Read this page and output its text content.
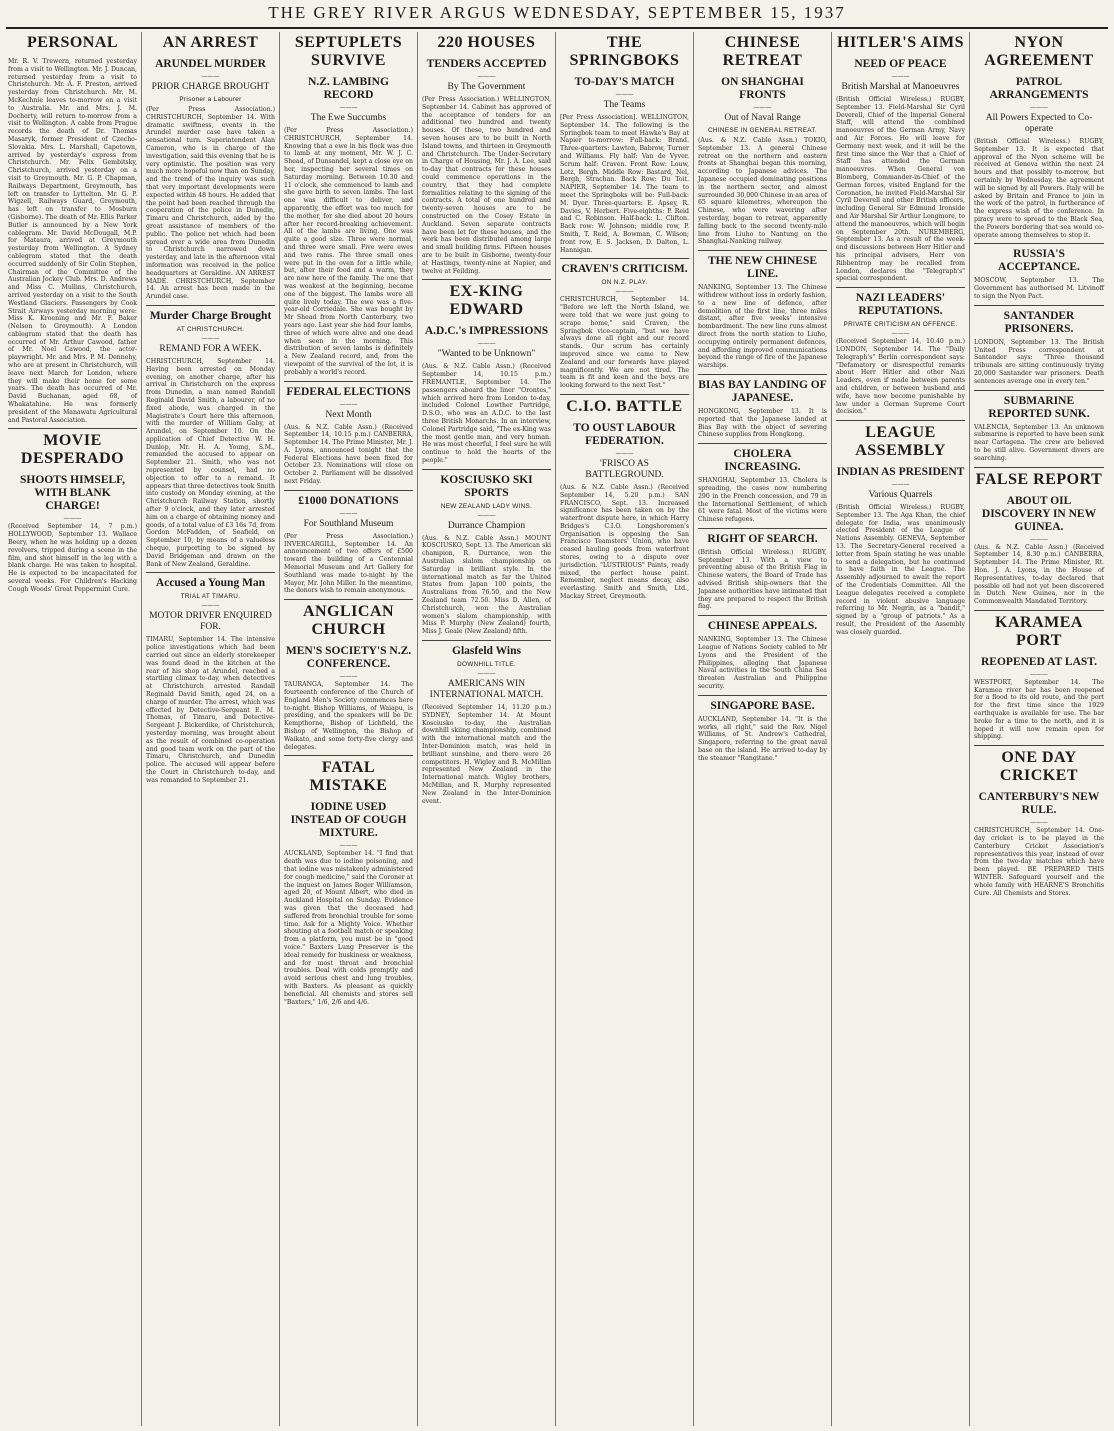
THE GREY RIVER ARGUS WEDNESDAY, SEPTEMBER 15, 1937
PERSONAL

Mr. R. V. Trewern, returned yesterday from a visit to Wellington. Mr. J. Duncan, returned yesterday from a visit to Christchurch. Mr. A. F. Preston, arrived yesterday from Christchurch. Mr. M. McKechnie leaves to-morrow on a visit to Australia. Mr. and Mrs. J. M. Docherty, will return to-morrow from a visit to Wellington. A cable from Prague records the death of Dr. Thomas Masaryk, former President of Czecho-Slovakia. Mrs. L. Marshall, Capetown, arrived by yesterday's express from Christchurch. Mr. Felix Gembitsky, Christchurch, arrived yesterday on a visit to Greymouth. Mr. G. P. Chapman, Railways Department, Greymouth, has left on transfer to Lyttelton. Mr. G. P. Wigzell, Railways Guard, Greymouth, has left on transfer to Mosburn (Gisborne). The death of Mr. Ellis Parker Butler is announced by a New York cablegram. Mr. David McDougall, M.P. for Mataura, arrived at Greymouth yesterday from Wellington. A Sydney cablegram stated that the death occurred suddenly of Sir Colin Stephen, Chairman of the Committee of the Australian Jockey Club. Mrs. D. Andrews and Miss C. Mullins, Christchurch, arrived yesterday on a visit to the South Westland Glaciers. Passengers by Cook Strait Airways yesterday morning were: Miss K. Kroening and Mr. F. Baker (Nelson to Greymouth). A London cablegram stated that the death has occurred of Mr. Arthur Cawood, father of Mr. Noel Cawood, the actor-playwright. Mr. and Mrs. P. M. Dennehy, who are at present in Christchurch, will leave next March for London, where they will make their home for some years. The death has occurred of Mr. David Buchanan, aged 68, of Whakatahine. He was formerly president of the Manawatu Agricultural and Pastoral Association.

MOVIE DESPERADO
SHOOTS HIMSELF, WITH BLANK CHARGE!
———

(Received September 14, 7 p.m.) HOLLYWOOD, September 13. Wallace Beery, when he was holding up a dozen revolvers, tripped during a scene in the film, and shot himself in the leg with a blank charge. He was taken to hospital. He is expected to be incapacitated for several weeks. For Children's Hacking Cough Woods' Great Peppermint Cure.

AN ARREST
ARUNDEL MURDER
———
PRIOR CHARGE BROUGHT
Prisoner a Labourer

(Per Press Association.) CHRISTCHURCH, September 14. With dramatic swiftness, events in the Arundel murder case have taken a sensational turn. Superintendent Alan Cameron, who is in charge of the investigation, said this evening that he is very optimistic. The position was very much more hopeful now than on Sunday, and the trend of the inquiry was such that very important developments were expected within 48 hours. He added that the point had been reached through the cooperation of the police in Dunedin, Timaru and Christchurch, aided by the great assistance of members of the public. The police net which had been spread over a wide area from Dunedin to Christchurch narrowed down yesterday, and late in the afternoon vital information was received in the police headquarters at Geraldine. AN ARREST MADE. CHRISTCHURCH, September 14. An arrest has been made in the Arundel case.

Murder Charge Brought
AT CHRISTCHURCH.
———
REMAND FOR A WEEK.

CHRISTCHURCH, September 14. Having been arrested on Monday evening, on another charge, after his arrival in Christchurch on the express from Dunedin, a man named Randall Reginald David Smith, a labourer, of no fixed abode, was charged in the Magistrate's Court here this afternoon, with the murder of William Gaby, at Arundel, on September 10. On the application of Chief Detective W. H. Dunlop, Mr. H. A. Young, S.M., remanded the accused to appear on September 21. Smith, who was not represented by counsel, had no objection to offer to a remand. It appears that three detectives took Smith into custody on Monday evening, at the Christchurch Railway Station, shortly after 9 o'clock, and they later arrested him on a charge of obtaining money and goods, of a total value of £3 16s 7d, from Gordon McFadden, of Seafield, on September 10, by means of a valueless cheque, purporting to be signed by David Bridgeman and drawn on the Bank of New Zealand, Geraldine.

Accused a Young Man
TRIAL AT TIMARU.
———
MOTOR DRIVER ENQUIRED FOR.

TIMARU, September 14. The intensive police investigations which had been carried out since an elderly storekeeper was found dead in the kitchen at the rear of his shop at Arundel, reached a startling climax to-day, when detectives at Christchurch arrested Randall Reginald David Smith, aged 24, on a charge of murder. The arrest, which was effected by Detective-Sergeant E. M. Thomas, of Timaru, and Detective-Sergeant J. Bickerdike, of Christchurch, yesterday morning, was brought about as the result of combined co-operation and good team work on the part of the Timaru, Christchurch, and Dunedin police. The accused will appear before the Court in Christchurch to-day, and was remanded to September 21.

SEPTUPLETS SURVIVE
N.Z. LAMBING RECORD
———
The Ewe Succumbs

(Per Press Association.) CHRISTCHURCH, September 14. Knowing that a ewe in his flock was due to lamb at any moment, Mr. W. J. C. Shead, of Dunsandel, kept a close eye on her, inspecting her several times on Saturday morning. Between 10.30 and 11 o'clock, she commenced to lamb and she gave birth to seven lambs. The last one was difficult to deliver, and apparently, the effort was too much for the mother, for she died about 20 hours after her record-breaking achievement. All of the lambs are living. One was quite a good size. Three were normal, and three were small. Five were ewes and two rams. The three small ones were put in the oven for a little while, but, after their food and a warm, they are now here of the family. The one that was weakest at the beginning, became one of the biggest. The lambs were all quite lively today. The ewe was a five-year-old Corriedale. She was bought by Mr Shead from North Canterbury, two years ago. Last year she had four lambs, three of which were alive and one dead when seen in the morning. This distribution of seven lambs is definitely a New Zealand record, and, from the viewpoint of the survival of the lot, it is probably a world's record.

FEDERAL ELECTIONS
———
Next Month

(Aus. & N.Z. Cable Assn.) (Received September 14, 10.15 p.m.) CANBERRA, September 14. The Prime Minister, Mr. J. A. Lyons, announced tonight that the Federal Elections have been fixed for October 23. Nominations will close on October 2. Parliament will be dissolved next Friday.

£1000 DONATIONS
———
For Southland Museum

(Per Press Association.) INVERCARGILL, September 14. An announcement of two offers of £500 toward the building of a Centennial Memorial Museum and Art Gallery for Southland was made to-night by the Mayor, Mr. John Miller. In the meantime, the donors wish to remain anonymous.

ANGLICAN CHURCH
MEN'S SOCIETY'S N.Z. CONFERENCE.
———

TAURANGA, September 14. The fourteenth conference of the Church of England Men's Society commences here to-night. Bishop Williams, of Waiapu, is presiding, and the speakers will be Dr. Kempthorne, Bishop of Lichfield, the Bishop of Wellington, the Bishop of Waikato, and some forty-five clergy and delegates.

FATAL MISTAKE
IODINE USED INSTEAD OF COUGH MIXTURE.
———

AUCKLAND, September 14. "I find that death was due to iodine poisoning, and that iodine was mistakenly administered for cough medicine," said the Coroner at the inquest on James Roger Williamson, aged 20, of Mount Albert, who died in Auckland Hospital on Sunday. Evidence was given that the deceased had suffered from bronchial trouble for some time. Ask for a Mighty Voice. Whether shouting at a football match or speaking from a platform, you must be in "good voice." Baxters Lung Preserver is the ideal remedy for huskiness or weakness, and for most throat and bronchial troubles. Deal with colds promptly and avoid serious chest and lung troubles, with Baxters. As pleasant as quickly beneficial. All chemists and stores sell "Baxters," 1/6, 2/6 and 4/6.

220 HOUSES
TENDERS ACCEPTED
———
By The Government

(Per Press Association.) WELLINGTON, September 14. Cabinet has approved of the acceptance of tenders for an additional two hundred and twenty houses. Of these, two hundred and seven houses are to be built in North Island towns, and thirteen in Greymouth and Christchurch. The Under-Secretary in Charge of Housing, Mr. J. A. Lee, said to-day that contracts for these houses could commence operations in the country, that they had complete formalities relating to the signing of the contracts. A total of one hundred and twenty-seven houses are to be constructed on the Cosey Estate in Auckland. Seven separate contracts have been let for these houses, and the work has been distributed among large and small building firms. Fifteen houses are to be built in Gisborne, twenty-four at Hastings, twenty-nine at Napier, and twelve at Feilding.

EX-KING EDWARD
A.D.C.'s IMPRESSIONS
———
"Wanted to be Unknown"

(Aus. & N.Z. Cable Assn.) (Received September 14, 10.15 p.m.) FREMANTLE, September 14. The passengers aboard the liner "Orontes," which arrived here from London to-day, included Colonel Lowther Partridge, D.S.O., who was an A.D.C. to the last three British Monarchs. In an interview, Colonel Partridge said, "The ex-King was the most gentle man, and very human. He was most cheerful, I feel sure he will continue to hold the hearts of the people."

KOSCIUSKO SKI SPORTS
NEW ZEALAND LADY WINS.
———
Durrance Champion

(Aus. & N.Z. Cable Assn.) MOUNT KOSCIUSKO, Sept. 13. The American ski champion, R. Durrance, won the Australian slalom championship on Saturday in brilliant style. In the international match as far the United States from Japan 100 points, the Australians from 76.50, and the New Zealand team 72.50. Miss D. Allen, of Christchurch, won the Australian women's slalom championship, with Miss P. Murphy (New Zealand) fourth, Miss J. Geale (New Zealand) fifth.

Glasfeld Wins
DOWNHILL TITLE.
———
AMERICANS WIN INTERNATIONAL MATCH.

(Received September 14, 11.20 p.m.) SYDNEY, September 14. At Mount Kosciusko to-day, the Australian downhill skiing championship, combined with the international match and the Inter-Dominion match, was held in brilliant sunshine, and there were 26 competitors. H. Wigley and R. McMillan represented New Zealand in the International match. Wigley brothers, McMillan, and R. Murphy represented New Zealand in the Inter-Dominion event.

THE SPRINGBOKS
TO-DAY'S MATCH
———
The Teams

[Per Press Association]. WELLINGTON, September 14. The following is the Springbok team to meet Hawke's Bay at Napier to-morrow: Full-back: Brand. Three-quarters: Lawton, Babrow, Turner and Williams. Fly half: Van de Vyver. Scrum half: Craven. Front Row: Louw, Lotz, Bergh. Middle Row: Bastard, Nel, Bergh, Strachan. Back Row: Du Toit. NAPIER, September 14. The team to meet the Springboks will be: Full-back: M. Dyer. Three-quarters: E. Apsey, R. Davies, V. Herbert. Five-eighths: P. Reid and C. Robinson. Half-back: L. Clifton. Back row: W. Johnson; middle row, P. Smith, T. Reid, A. Bowman, C. Wilson; front row, E. S. Jackson, D. Dalton, L. Hannigan.

CRAVEN'S CRITICISM.
ON N.Z. PLAY.
———

CHRISTCHURCH, September 14. "Before we left the North Island, we were told that we were just going to scrape home," said Craven, the Springbok vice-captain, "but we have always done all right and our record stands. Our scrum has certainly improved since we came to New Zealand and our forwards have played magnificently. We are not tired. The team is fit and keen and the boys are looking forward to the next Test."

C.I.O. BATTLE
TO OUST LABOUR FEDERATION.
———
'FRISCO AS BATTLEGROUND.

(Aus. & N.Z. Cable Assn.) (Received September 14, 5.20 p.m.) SAN FRANCISCO, Sept. 13. Increased significance has been taken on by the waterfront dispute here, in which Harry Bridges's C.I.O. Longshoremen's Organisation is opposing the San Francisco Teamsters' Union, who have ceased hauling goods from waterfront stores, owing to a dispute over jurisdiction. "LUSTRIOUS" Paints, ready mixed, the perfect house paint. Remember, neglect means decay, also everlasting. Smith and Smith, Ltd., Mackay Street, Greymouth.

CHINESE RETREAT
ON SHANGHAI FRONTS
———
Out of Naval Range
CHINESE IN GENERAL RETREAT.

(Aus. & N.Z. Cable Assn.) TOKIO, September 13. A general Chinese retreat on the northern and eastern fronts at Shanghai began this morning, according to Japanese advices. The Japanese occupied dominating positions in the northern sector, and almost surrounded 30,000 Chinese in an area of 65 square kilometres, whereupon the Chinese, who were wavering after yesterday, began to retreat, apparently falling back to the second twenty-mile line from Liuho to Nantung on the Shanghai-Nanking railway.

THE NEW CHINESE LINE.

NANKING, September 13. The Chinese withdrew without loss in orderly fashion, to a new line of defence, after demolition of the first line, three miles distant, after five weeks' intensive bombardment. The new line runs almost direct from the north station to Liuho, occupying entirely permanent defences, and affording improved communications beyond the range of fire of the Japanese warships.

BIAS BAY LANDING OF JAPANESE.

HONGKONG, September 13. It is reported that the Japanese landed at Bias Bay with the object of severing Chinese supplies from Hongkong.

CHOLERA INCREASING.

SHANGHAI, September 13. Cholera is spreading, the cases now numbering 290 in the French concession, and 79 in the International Settlement, of which 61 were fatal. Most of the victims were Chinese refugees.

RIGHT OF SEARCH.

(British Official Wireless.) RUGBY, September 13. With a view to preventing abuse of the British Flag in Chinese waters, the Board of Trade has advised British ship-owners that the Japanese authorities have intimated that they are prepared to respect the British flag.

CHINESE APPEALS.

NANKING, September 13. The Chinese League of Nations Society cabled to Mr Lyons and the President of the Philippines, alleging that Japanese Naval activities in the South China Sea threaten Australian and Philippine security.

SINGAPORE BASE.

AUCKLAND, September 14. "It is the works, all right," said the Rev. Nigel Williams, of St. Andrew's Cathedral, Singapore, referring to the great naval base on the island. He arrived to-day by the steamer "Rangitane."

HITLER'S AIMS
NEED OF PEACE
———
British Marshal at Manoeuvres

(British Official Wireless.) RUGBY, September 13. Field-Marshal Sir Cyril Deverell, Chief of the Imperial General Staff, will attend the combined manoeuvres of the German Army, Navy and Air Forces. He will leave for Germany next week, and it will be the first time since the War that a Chief of Staff has attended the German manoeuvres. When General von Blomberg, Commander-in-Chief of the German forces, visited England for the Coronation, he invited Field-Marshal Sir Cyril Deverell and other British officers, including General Sir Edmund Ironside and Air Marshal Sir Arthur Longmore, to attend the manoeuvres, which will begin on September 20th. NUREMBERG, September 13. As a result of the week-end discussions between Herr Hitler and his principal advisers, Herr von Ribbentrop may be recalled from London, declares the "Telegraph's" special correspondent.

NAZI LEADERS' REPUTATIONS.
PRIVATE CRITICISM AN OFFENCE.
———

(Received September 14, 10.40 p.m.) LONDON, September 14. The "Daily Telegraph's" Berlin correspondent says: "Defamatory or disrespectful remarks about Herr Hitler and other Nazi Leaders, even if made between parents and children, or between husband and wife, have now become punishable by law under a German Supreme Court decision."

LEAGUE ASSEMBLY
INDIAN AS PRESIDENT
———
Various Quarrels

(British Official Wireless.) RUGBY, September 13. The Aga Khan, the chief delegate for India, was unanimously elected President of the League of Nations Assembly. GENEVA, September 13. The Secretary-General received a letter from Spain stating he was unable to send a delegation, but he continued to have faith in the League. The Assembly adjourned to await the report of the Credentials Committee. All the League delegates received a complete record in violent abusive language referring to Mr. Negrin, as a "bandit," signed by a "group of patriots." As a result, the President of the Assembly was closely guarded.

NYON AGREEMENT
PATROL ARRANGEMENTS
———
All Powers Expected to Co-operate

(British Official Wireless.) RUGBY, September 13. It is expected that approval of the Nyon scheme will be received at Geneva within the next 24 hours and that possibly to-morrow, but certainly by Wednesday, the agreement will be signed by all Powers. Italy will be asked by Britain and France to join in the work of the patrol, in furtherance of the express wish of the conference. In piracy were to spread to the Black Sea, the Powers bordering that sea would co-operate among themselves to stop it.

RUSSIA'S ACCEPTANCE.

MOSCOW, September 13. The Government has authorised M. Litvinoff to sign the Nyon Pact.

SANTANDER PRISONERS.

LONDON, September 13. The British United Press correspondent at Santander says: "Three thousand tribunals are sitting continuously trying 20,000 Santander war prisoners. Death sentences average one in every ten."

SUBMARINE REPORTED SUNK.

VALENCIA, September 13. An unknown submarine is reported to have been sunk near Cartagena. The crew are believed to be still alive. Government divers are searching.

FALSE REPORT
ABOUT OIL DISCOVERY IN NEW GUINEA.
———

(Aus. & N.Z. Cable Assn.) (Received September 14, 8.30 p.m.) CANBERRA, September 14. The Prime Minister, Rt. Hon. J. A. Lyons, in the House of Representatives, to-day declared that possible oil had not yet been discovered in Dutch New Guinea, nor in the Commonwealth Mandated Territory.

KARAMEA PORT
REOPENED AT LAST.
———

WESTPORT, September 14. The Karamea river bar has been reopened for a flood to its old route, and the port for the first time since the 1929 earthquake is available for use. The bar broke for a time to the north, and it is hoped it will now remain open for shipping.

ONE DAY CRICKET
CANTERBURY'S NEW RULE.
———

CHRISTCHURCH, September 14. One-day cricket is to be played in the Canterbury Cricket Association's representatives this year, instead of over from the two-day matches which have been played. BE PREPARED THIS WINTER. Safeguard yourself and the whole family with HEARNE'S Bronchitis Cure. All Chemists and Stores.
